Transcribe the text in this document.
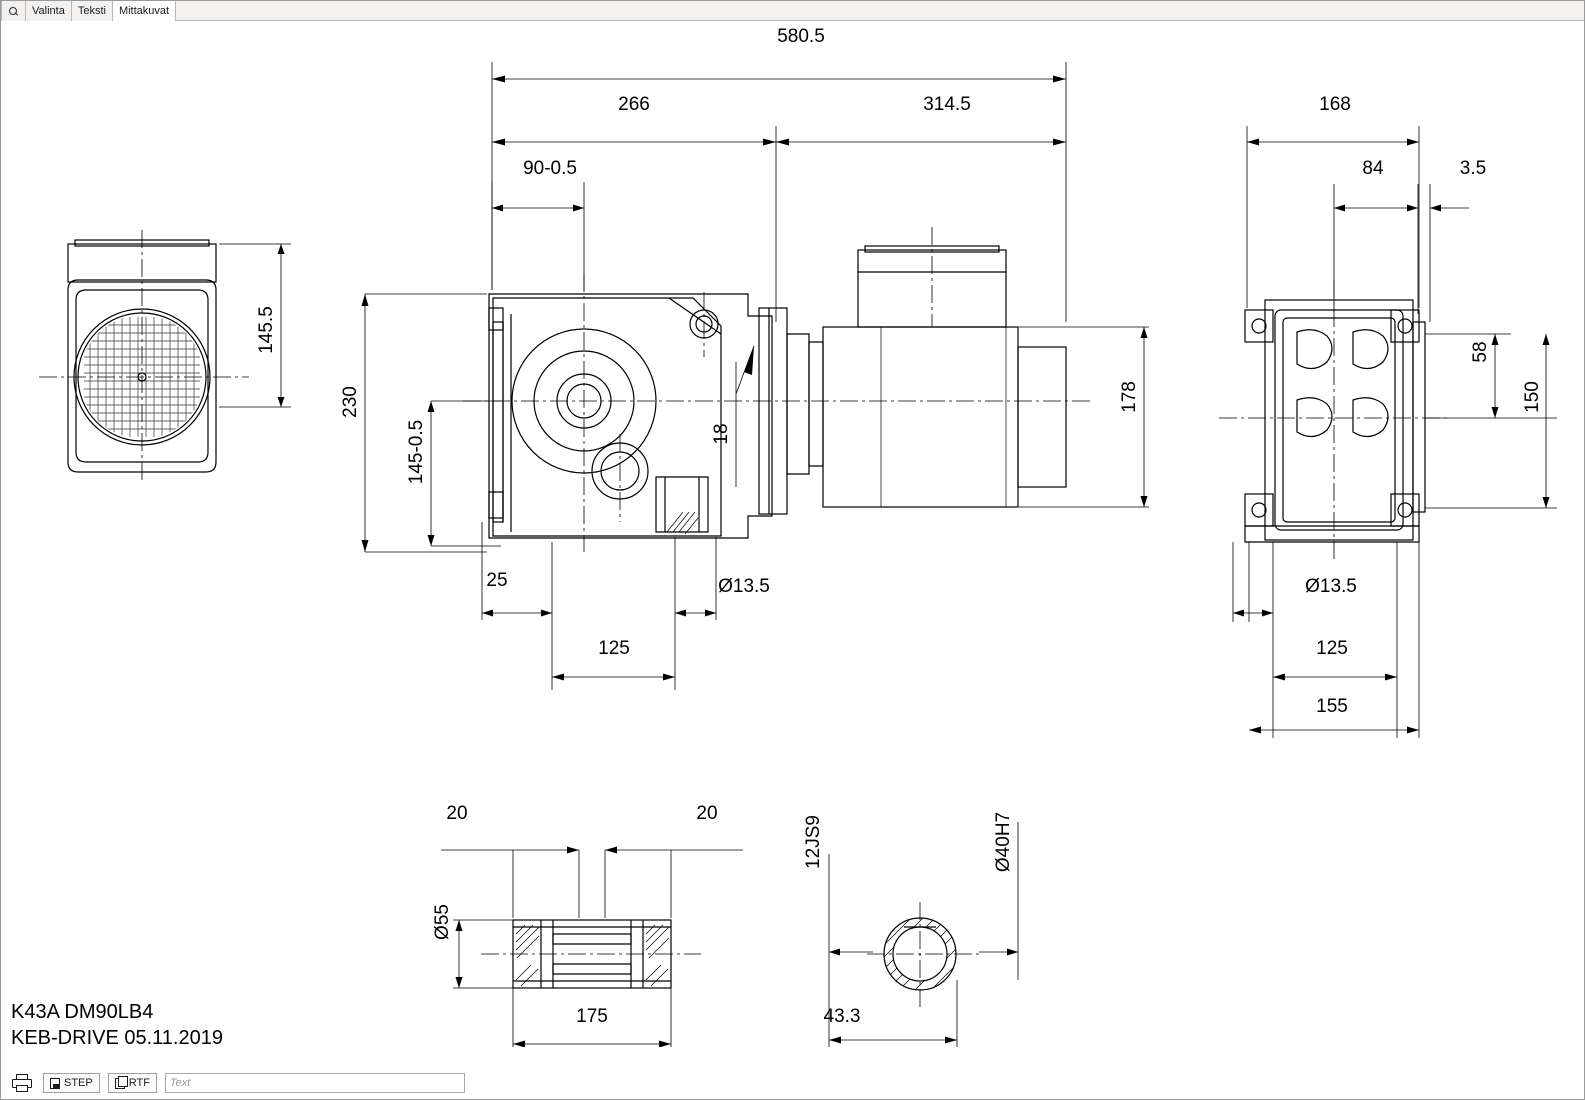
Valinta Teksti Mittakuvat
580.5
266	314.5
90-0.5
168
84	3.5
Ø13.5
25
125
Ø13.5
125
155
20	20
175	43.3
145.5
230
145-0.5
178
18
58
150
Ø55
12JS9	Ø40H7
K43A DM90LB4
KEB-DRIVE 05.11.2019
STEP	RTF
Text
